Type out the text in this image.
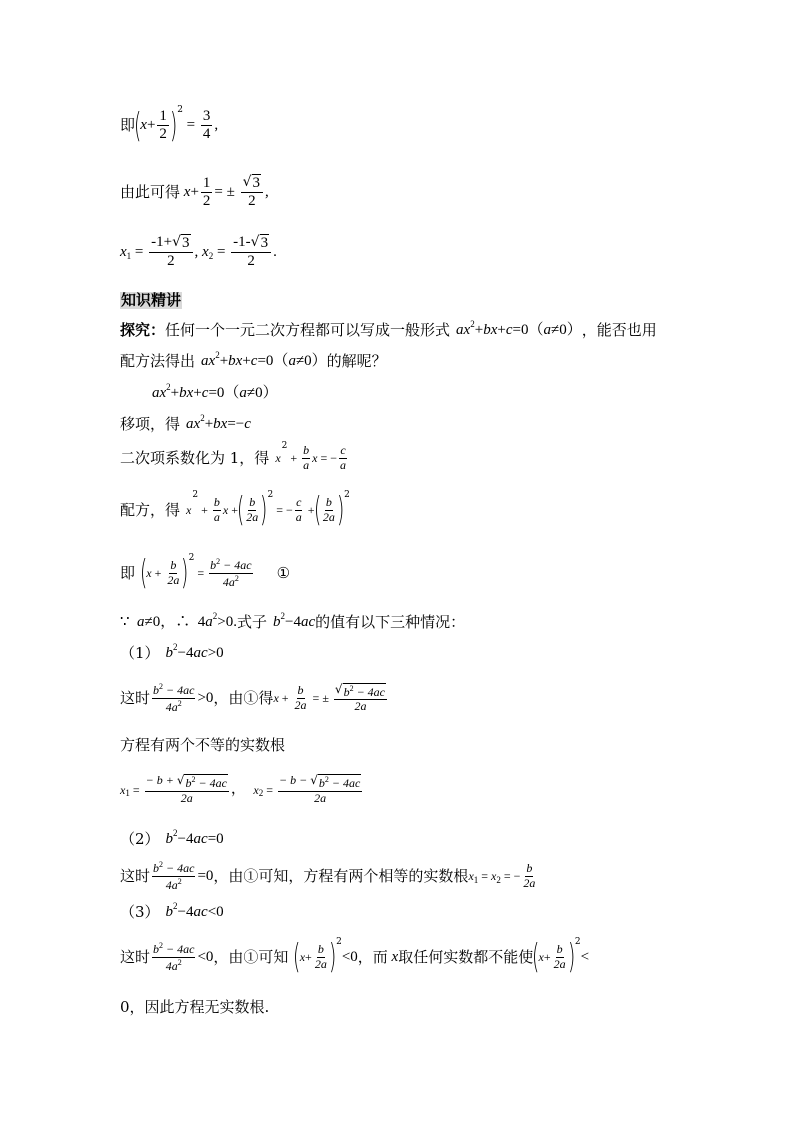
即
(
$x + \frac{1}{2}$ ) 2
= $\frac{3}{4}$ ,
由此可得 $x + \frac{1}{2}$ = ± $\frac{√ 3}{2}$ ,
x $1 = \frac{-1+ √ 3}{2}$ , x $2 = \frac{-1- √ 3}{2}$ .
知识精讲
探究 ： 任何一个一元二次方程都可以写成一般形式 ax 2 + bx + c =0（ a ≠0） ，能否也用
配方法得出 ax 2 + bx + c =0（ a ≠0） 的解呢？
ax 2 + bx + c =0（ a ≠0）
移项，得 ax 2 + bx =− c
二次项系数化为 1，得 x
2
+ $\frac{b}{a}$ x = − $\frac{c}{a}$
配方，得 x
2
+ $\frac{b}{a}$ x +
( $\frac{b}{2a}$ ) 2
= − $\frac{c}{a}$ +
( $\frac{b}{2a}$ ) 2
即 (
$x + \frac{b}{2a}$ ) 2
= $\frac{b^2 - 4ac}{4a^2}$ ①
∵ a ≠0，∴  4 a 2 >0. 式子 b 2 −4 ac 的值有以下三种情况：
（1） b 2 −4 ac >0
这时 $\frac{b^2 - 4ac}{4a^2} >0$ ，由①得 $x + \frac{b}{2a}$ = ± $\frac{√ b^2 - 4ac}{2a}$
方程有两个不等的实数根
x $1 = \frac{- b + √ b^2 - 4ac}{2a}$ ， x $2 = \frac{- b - √ b^2 - 4ac}{2a}$
（2） b 2 −4 ac =0
这时 $\frac{b^2 - 4ac}{4a^2} =0$ ，由①可知，方程有两个相等的实数根 x 1 = x 2 = − $\frac{b}{2a}$
（3） b 2 −4 ac <0
这时 $\frac{b^2 - 4ac}{4a^2} <0$ ，由①可知 (
$x + \frac{b}{2a}$ ) 2
<0 ，而 x 取任何实数都不能使
(
$x + \frac{b}{2a}$ ) 2
<
0，因此方程无实数根.
